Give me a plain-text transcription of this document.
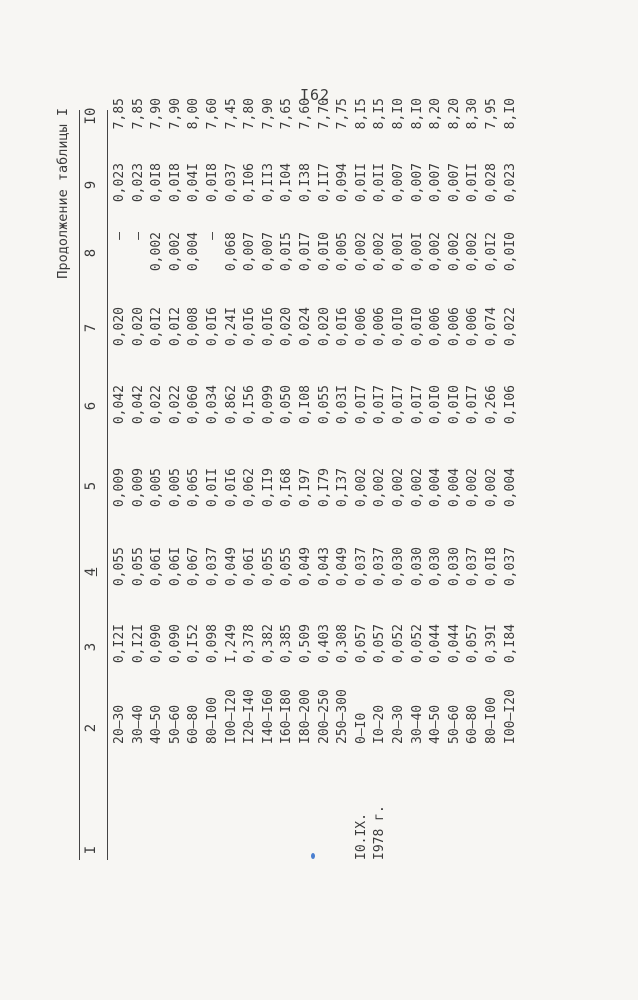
I62
Продолжение таблицы I
I
2
3
4
5
6
7
8
9
I0
I0.IX. I978 г.
20–30
0,I2I
0,055
0,009
0,042
0,020
–
0,023
7,85
30–40
0,I2I
0,055
0,009
0,042
0,020
–
0,023
7,85
40–50
0,090
0,06I
0,005
0,022
0,0I2
0,002
0,0I8
7,90
50–60
0,090
0,06I
0,005
0,022
0,0I2
0,002
0,0I8
7,90
60–80
0,I52
0,067
0,065
0,060
0,008
0,004
0,04I
8,00
80–I00
0,098
0,037
0,0II
0,034
0,0I6
–
0,0I8
7,60
I00–I20
I,249
0,049
0,0I6
0,862
0,24I
0,068
0,037
7,45
I20–I40
0,378
0,06I
0,062
0,I56
0,0I6
0,007
0,I06
7,80
I40–I60
0,382
0,055
0,II9
0,099
0,0I6
0,007
0,II3
7,90
I60–I80
0,385
0,055
0,I68
0,050
0,020
0,0I5
0,I04
7,65
I80–200
0,509
0,049
0,I97
0,I08
0,024
0,0I7
0,I38
7,60
200–250
0,403
0,043
0,I79
0,055
0,020
0,0I0
0,II7
7,70
250–300
0,308
0,049
0,I37
0,03I
0,0I6
0,005
0,094
7,75
0–I0
0,057
0,037
0,002
0,0I7
0,006
0,002
0,0II
8,I5
I0–20
0,057
0,037
0,002
0,0I7
0,006
0,002
0,0II
8,I5
20–30
0,052
0,030
0,002
0,0I7
0,0I0
0,00I
0,007
8,I0
30–40
0,052
0,030
0,002
0,0I7
0,0I0
0,00I
0,007
8,I0
40–50
0,044
0,030
0,004
0,0I0
0,006
0,002
0,007
8,20
50–60
0,044
0,030
0,004
0,0I0
0,006
0,002
0,007
8,20
60–80
0,057
0,037
0,002
0,0I7
0,006
0,002
0,0II
8,30
80–I00
0,39I
0,0I8
0,002
0,266
0,074
0,0I2
0,028
7,95
I00–I20
0,I84
0,037
0,004
0,I06
0,022
0,0I0
0,023
8,I0
